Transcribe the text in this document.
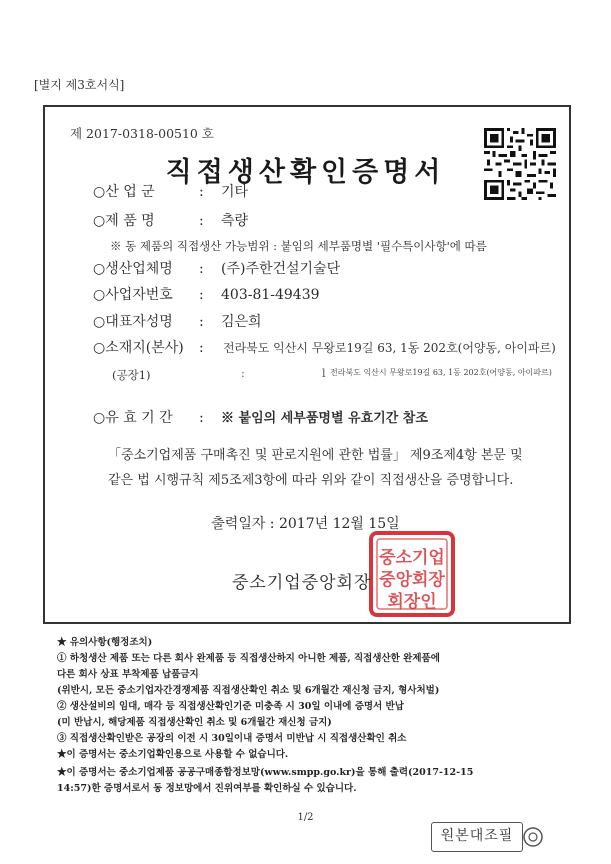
[별지 제3호서식]
제 2017-0318-00510 호
직접생산확인증명서
○산 업 군	: 기타
○제 품 명	: 측량
※ 동 제품의 직접생산 가능범위 : 붙임의 세부품명별 '필수특이사항'에 따름
○생산업체명 : (주)주한건설기술단
○사업자번호 : 403-81-49439
○대표자성명 : 김은희
○소재지(본사) :	전라북도 익산시 무왕로19길 63, 1동 202호(어양동, 아이파르)
(공장1)	:	l 전라북도 익산시 무왕로19길 63, 1동 202호(어양동, 아이파르)
○유 효 기 간 : ※ 붙임의 세부품명별 유효기간 참조
「중소기업제품 구매촉진 및 판로지원에 관한 법률」 제9조제4항 본문 및
같은 법 시행규칙 제5조제3항에 따라 위와 같이 직접생산을 증명합니다.
출력일자 : 2017년 12월 15일
중소기업
중앙회장
회장인
중소기업중앙회장
★ 유의사항(행정조치)
① 하청생산 제품 또는 다른 회사 완제품 등 직접생산하지 아니한 제품, 직접생산한 완제품에
다른 회사 상표 부착제품 납품금지
(위반시, 모든 중소기업자간경쟁제품 직접생산확인 취소 및 6개월간 재신청 금지, 형사처벌)
② 생산설비의 임대, 매각 등 직접생산확인기준 미충족 시 30일 이내에 증명서 반납
(미 반납시, 해당제품 직접생산확인 취소 및 6개월간 재신청 금지)
③ 직접생산확인받은 공장의 이전 시 30일이내 증명서 미반납 시 직접생산확인 취소
★이 증명서는 중소기업확인용으로 사용할 수 없습니다.
★이 증명서는 중소기업제품 공공구매종합정보망(www.smpp.go.kr)을 통해 출력(2017-12-15
14:57)한 증명서로서 동 정보망에서 진위여부를 확인하실 수 있습니다.
1/2
원본대조필
